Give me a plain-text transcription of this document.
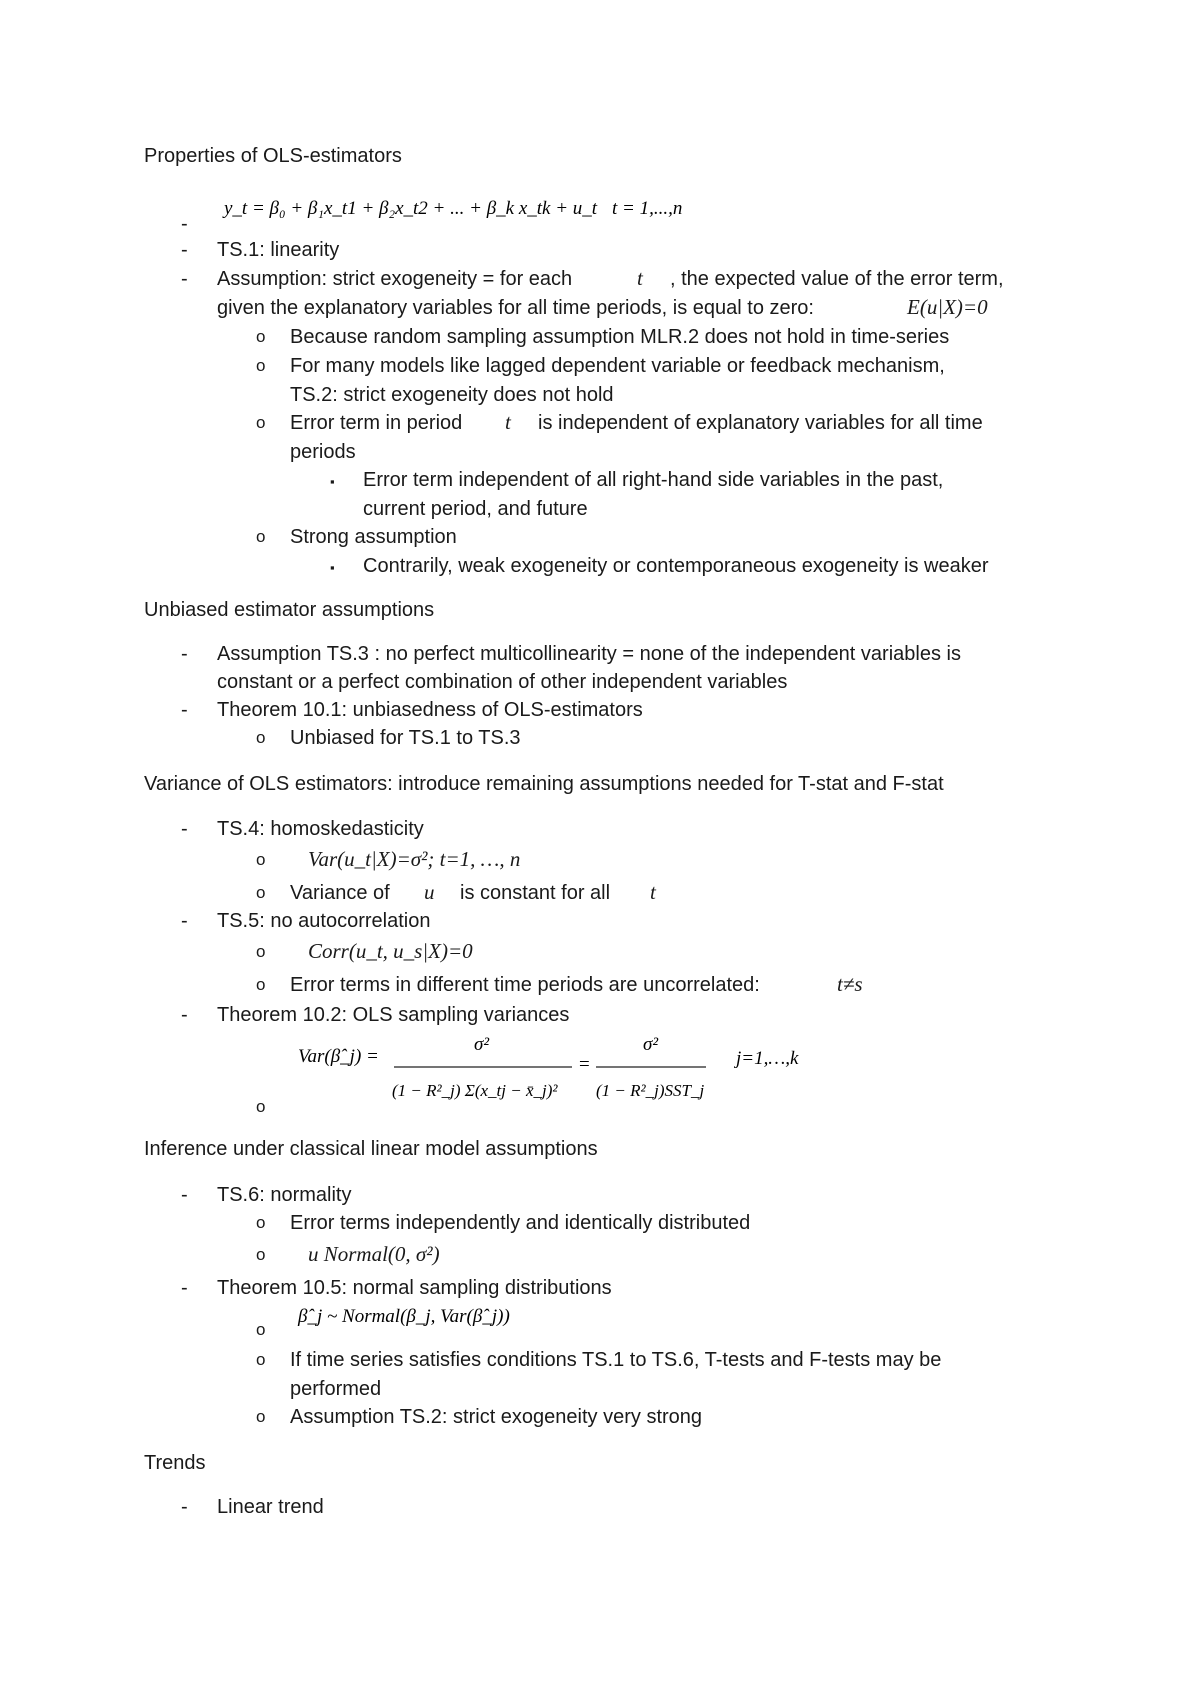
Properties of OLS-estimators
y_t = β₀ + β₁x_t1 + β₂x_t2 + ... + β_k x_tk + u_t t = 1,...,n
-
- TS.1: linearity
- Assumption: strict exogeneity = for each	t , the expected value of the error term,
given the explanatory variables for all time periods, is equal to zero:	E(u|X)=0
o Because random sampling assumption MLR.2 does not hold in time-series
o For many models like lagged dependent variable or feedback mechanism,
TS.2: strict exogeneity does not hold
o Error term in period t is independent of explanatory variables for all time
periods
▪ Error term independent of all right-hand side variables in the past,
current period, and future
o Strong assumption
▪ Contrarily, weak exogeneity or contemporaneous exogeneity is weaker
Unbiased estimator assumptions
- Assumption TS.3 : no perfect multicollinearity = none of the independent variables is
constant or a perfect combination of other independent variables
- Theorem 10.1: unbiasedness of OLS-estimators
o Unbiased for TS.1 to TS.3
Variance of OLS estimators: introduce remaining assumptions needed for T-stat and F-stat
- TS.4: homoskedasticity
o Var(u_t|X)=σ²; t=1, …, n
o Variance of u is constant for all t
- TS.5: no autocorrelation
o Corr(u_t, u_s|X)=0
o Error terms in different time periods are uncorrelated:	t≠s
- Theorem 10.2: OLS sampling variances
Var(β̂_j) =
σ²
(1 − R²_j) Σ(x_tj − x̄_j)²
=
σ²
(1 − R²_j)SST_j
j=1,…,k
o
Inference under classical linear model assumptions
- TS.6: normality
o Error terms independently and identically distributed
o u Normal(0, σ²)
- Theorem 10.5: normal sampling distributions
β̂_j ~ Normal(β_j, Var(β̂_j))
o
o If time series satisfies conditions TS.1 to TS.6, T-tests and F-tests may be
performed
o Assumption TS.2: strict exogeneity very strong
Trends
- Linear trend
